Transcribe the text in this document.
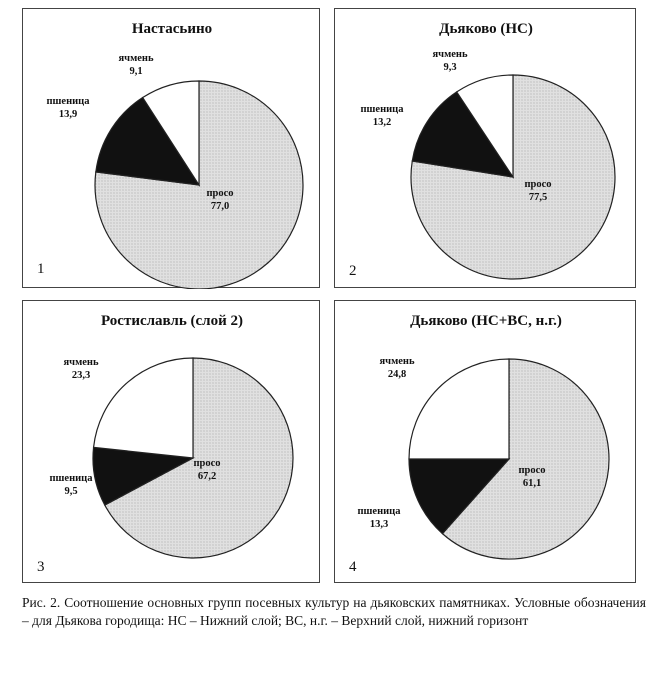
Настасьино
просо
77,0
пшеница
13,9
ячмень
9,1
1
Дьяково (НС)
просо
77,5
пшеница
13,2
ячмень
9,3
2
Ростиславль (слой 2)
просо
67,2
пшеница
9,5
ячмень
23,3
3
Дьяково (НС+ВС, н.г.)
просо
61,1
пшеница
13,3
ячмень
24,8
4
Рис. 2. Соотношение основных групп посевных культур на дьяковских памятниках. Условные обозначения – для Дьякова городища: НС – Нижний слой; ВС, н.г. – Верхний слой, нижний горизонт
